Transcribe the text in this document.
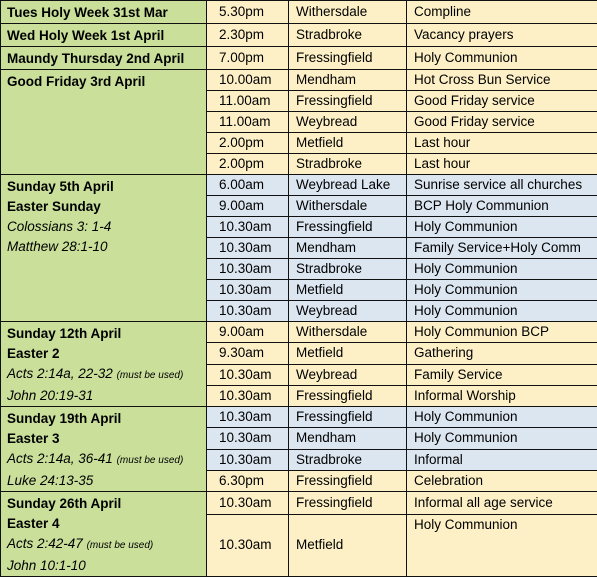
Tues Holy Week 31st Mar	5.30pm	Withersdale	Compline

Wed Holy Week 1st April	2.30pm	Stradbroke	Vacancy prayers

Maundy Thursday 2nd April	7.00pm	Fressingfield	Holy Communion

Good Friday 3rd April	10.00am	Mendham	Hot Cross Bun Service
	11.00am	Fressingfield	Good Friday service
	11.00am	Weybread	Good Friday service
	2.00pm	Metfield	Last hour
	2.00pm	Stradbroke	Last hour

Sunday 5th April
Easter Sunday
Colossians 3: 1-4
Matthew 28:1-10	6.00am	Weybread Lake	Sunrise service all churches
	9.00am	Withersdale	BCP Holy Communion
	10.30am	Fressingfield	Holy Communion
	10.30am	Mendham	Family Service+Holy Comm
	10.30am	Stradbroke	Holy Communion
	10.30am	Metfield	Holy Communion
	10.30am	Weybread	Holy Communion

Sunday 12th April
Easter 2
Acts 2:14a, 22-32 (must be used)
John 20:19-31	9.00am	Withersdale	Holy Communion BCP
	9.30am	Metfield	Gathering
	10.30am	Weybread	Family Service
	10.30am	Fressingfield	Informal Worship

Sunday 19th April
Easter 3
Acts 2:14a, 36-41 (must be used)
Luke 24:13-35	10.30am	Fressingfield	Holy Communion
	10.30am	Mendham	Holy Communion
	10.30am	Stradbroke	Informal
	6.30pm	Fressingfield	Celebration

Sunday 26th April
Easter 4
Acts 2:42-47 (must be used)
John 10:1-10	10.30am	Fressingfield	Informal all age service
	10.30am	Metfield	Holy Communion
